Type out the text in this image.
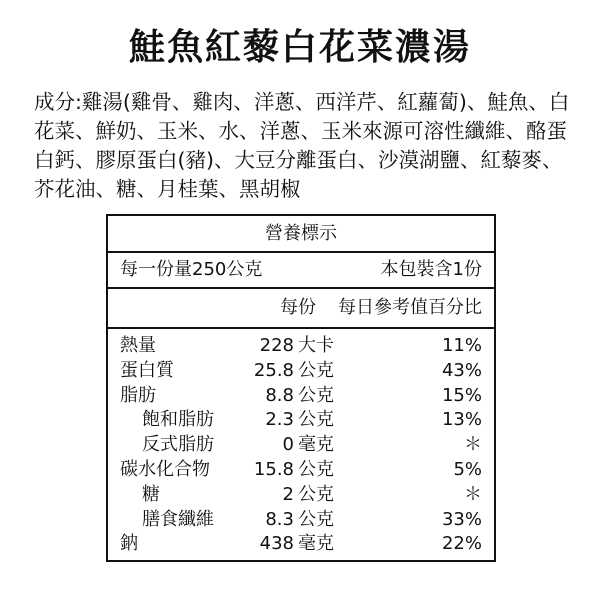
鮭魚紅藜白花菜濃湯

成分:雞湯(雞骨、雞肉、洋蔥、西洋芹、紅蘿蔔)、鮭魚、白花菜、鮮奶、玉米、水、洋蔥、玉米來源可溶性纖維、酪蛋白鈣、膠原蛋白(豬)、大豆分離蛋白、沙漠湖鹽、紅藜麥、芥花油、糖、月桂葉、黑胡椒

營養標示
每一份量250公克	本包裝含1份
每份 每日參考值百分比
熱量	228 大卡	11%
蛋白質	25.8 公克	43%
脂肪	8.8 公克	15%
飽和脂肪	2.3 公克	13%
反式脂肪	0 毫克	＊
碳水化合物 15.8 公克	5%
糖	2 公克	＊
膳食纖維	8.3 公克	33%
鈉	438 毫克	22%
